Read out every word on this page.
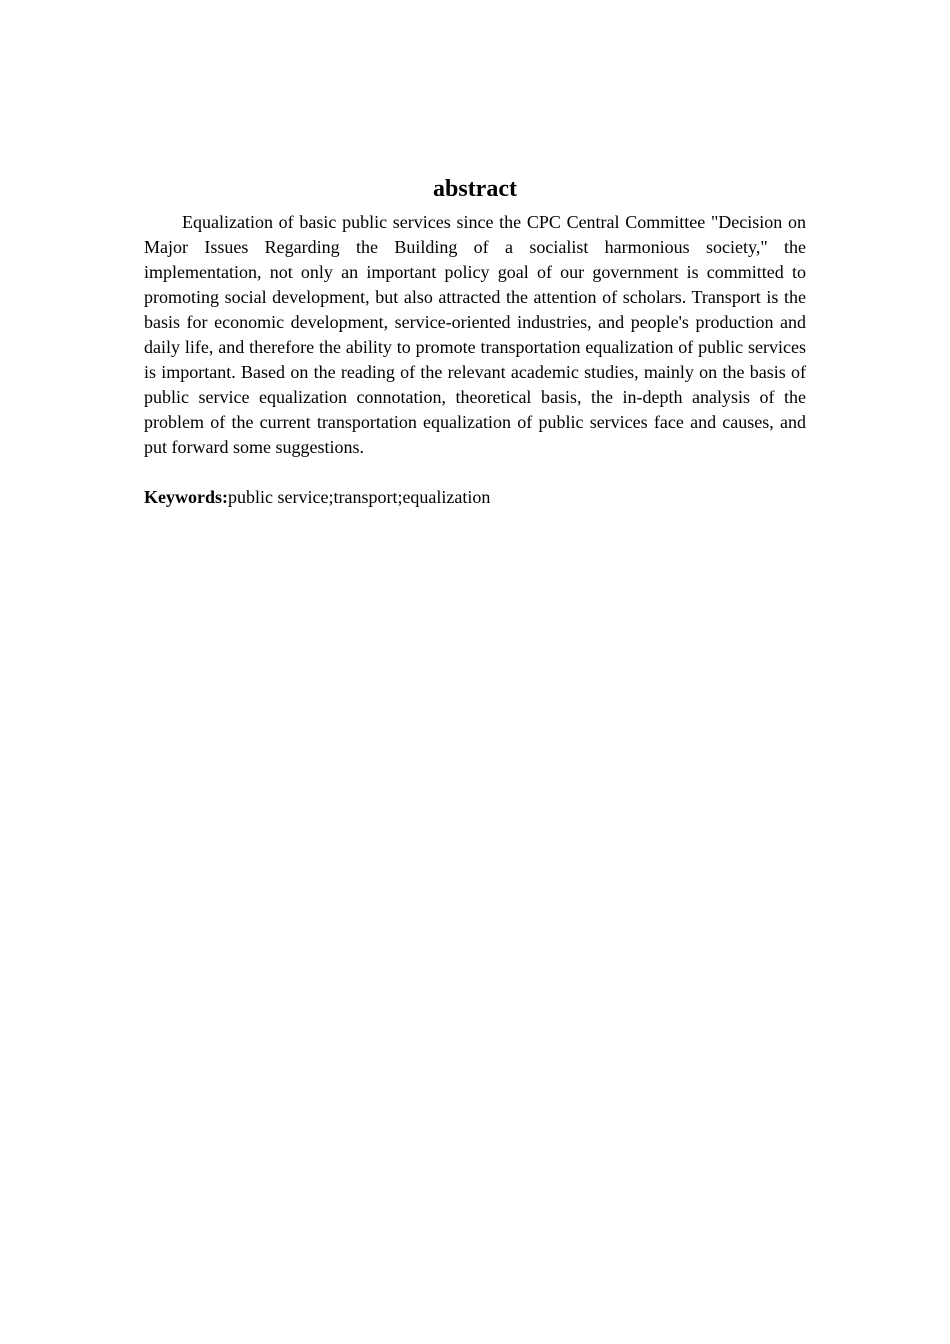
abstract

Equalization of basic public services since the CPC Central Committee "Decision on Major Issues Regarding the Building of a socialist harmonious society," the implementation, not only an important policy goal of our government is committed to promoting social development, but also attracted the attention of scholars. Transport is the basis for economic development, service-oriented industries, and people's production and daily life, and therefore the ability to promote transportation equalization of public services is important. Based on the reading of the relevant academic studies, mainly on the basis of public service equalization connotation, theoretical basis, the in-depth analysis of the problem of the current transportation equalization of public services face and causes, and put forward some suggestions.

Keywords:public service;transport;equalization
